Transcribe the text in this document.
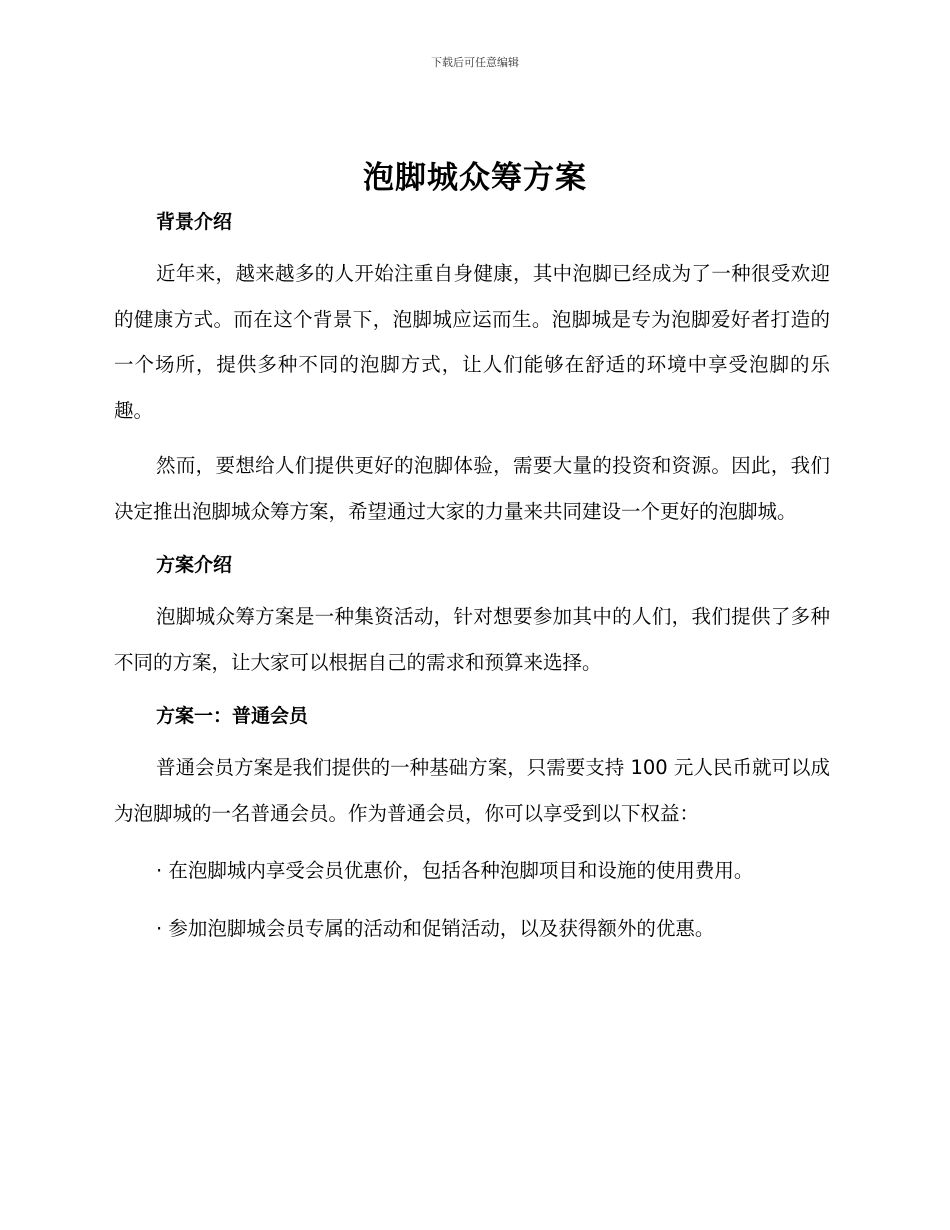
下载后可任意编辑
泡脚城众筹方案

背景介绍

近年来，越来越多的人开始注重自身健康，其中泡脚已经成为了一种很受欢迎的健康方式。而在这个背景下，泡脚城应运而生。泡脚城是专为泡脚爱好者打造的一个场所，提供多种不同的泡脚方式，让人们能够在舒适的环境中享受泡脚的乐趣。

然而，要想给人们提供更好的泡脚体验，需要大量的投资和资源。因此，我们决定推出泡脚城众筹方案，希望通过大家的力量来共同建设一个更好的泡脚城。

方案介绍

泡脚城众筹方案是一种集资活动，针对想要参加其中的人们，我们提供了多种不同的方案，让大家可以根据自己的需求和预算来选择。

方案一：普通会员

普通会员方案是我们提供的一种基础方案，只需要支持 100 元人民币就可以成为泡脚城的一名普通会员。作为普通会员，你可以享受到以下权益：

· 在泡脚城内享受会员优惠价，包括各种泡脚项目和设施的使用费用。

· 参加泡脚城会员专属的活动和促销活动，以及获得额外的优惠。
